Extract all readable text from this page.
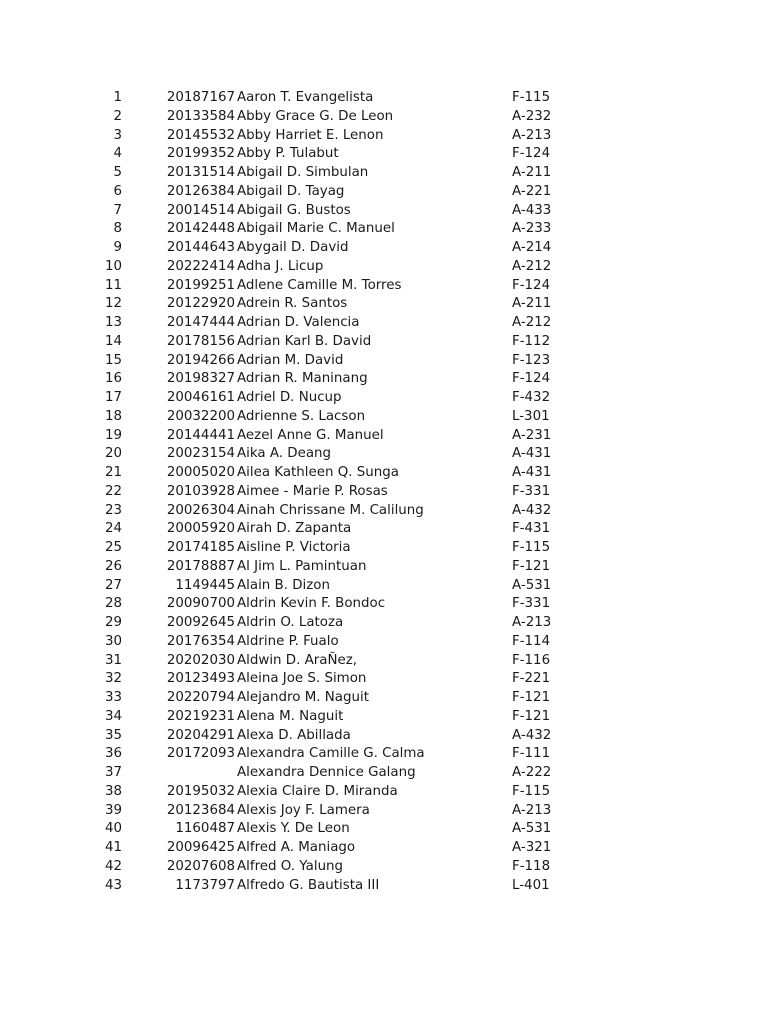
1	20187167 Aaron T. Evangelista	F-115
2	20133584 Abby Grace G. De Leon	A-232
3	20145532 Abby Harriet E. Lenon	A-213
4	20199352 Abby P. Tulabut	F-124
5	20131514 Abigail D. Simbulan	A-211
6	20126384 Abigail D. Tayag	A-221
7	20014514 Abigail G. Bustos	A-433
8	20142448 Abigail Marie C. Manuel	A-233
9	20144643 Abygail D. David	A-214
10	20222414 Adha J. Licup	A-212
11	20199251 Adlene Camille M. Torres	F-124
12	20122920 Adrein R. Santos	A-211
13	20147444 Adrian D. Valencia	A-212
14	20178156 Adrian Karl B. David	F-112
15	20194266 Adrian M. David	F-123
16	20198327 Adrian R. Maninang	F-124
17	20046161 Adriel D. Nucup	F-432
18	20032200 Adrienne S. Lacson	L-301
19	20144441 Aezel Anne G. Manuel	A-231
20	20023154 Aika A. Deang	A-431
21	20005020 Ailea Kathleen Q. Sunga	A-431
22	20103928 Aimee - Marie P. Rosas	F-331
23	20026304 Ainah Chrissane M. Calilung	A-432
24	20005920 Airah D. Zapanta	F-431
25	20174185 Aisline P. Victoria	F-115
26	20178887 Al Jim L. Pamintuan	F-121
27	1149445 Alain B. Dizon	A-531
28	20090700 Aldrin Kevin F. Bondoc	F-331
29	20092645 Aldrin O. Latoza	A-213
30	20176354 Aldrine P. Fualo	F-114
31	20202030 Aldwin D. AraÑez,	F-116
32	20123493 Aleina Joe S. Simon	F-221
33	20220794 Alejandro M. Naguit	F-121
34	20219231 Alena M. Naguit	F-121
35	20204291 Alexa D. Abillada	A-432
36	20172093 Alexandra Camille G. Calma	F-111
37	Alexandra Dennice Galang	A-222
38	20195032 Alexia Claire D. Miranda	F-115
39	20123684 Alexis Joy F. Lamera	A-213
40	1160487 Alexis Y. De Leon	A-531
41	20096425 Alfred A. Maniago	A-321
42	20207608 Alfred O. Yalung	F-118
43	1173797 Alfredo G. Bautista III	L-401
